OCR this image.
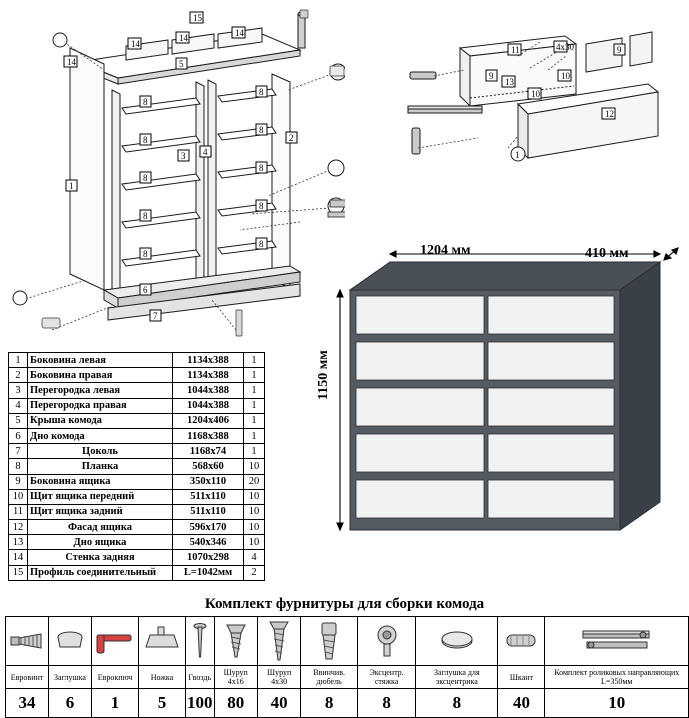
15
14
14
14	14
5
8
8
8
8
8
8
8
8
8
8
2
3 4
1
6
7
11	4х30
9
9
13
10
10
12
1
1204 мм	410 мм
1150 мм
1	Боковина левая	1134х388	1
2	Боковина правая	1134х388	1
3	Перегородка левая	1044х388	1
4	Перегородка правая	1044х388	1
5	Крыша комода	1204х406	1
6	Дно комода	1168х388	1
7	Цоколь	1168х74	1
8	Планка	568х60	10
9	Боковина ящика	350х110	20
10	Щит ящика передний	511х110	10
11	Щит ящика задний	511х110	10
12	Фасад ящика	596х170	10
13	Дно ящика	540х346	10
14	Стенка задняя	1070х298	4
15	Профиль соединительный	L=1042мм	2
Комплект фурнитуры для сборки комода

Евровинт	Заглушка	Еврокпюч	Ножка	Гвоздь	Шуруп 4х16	Шуруп 4х30	Ввинчив. дюбель	Эксцентр. стяжка	Заглушка для эксцентрика	Шкант	Комплект роликовых направляющих L=350мм
34	6	1	5	100	80	40	8	8	8	40	10
